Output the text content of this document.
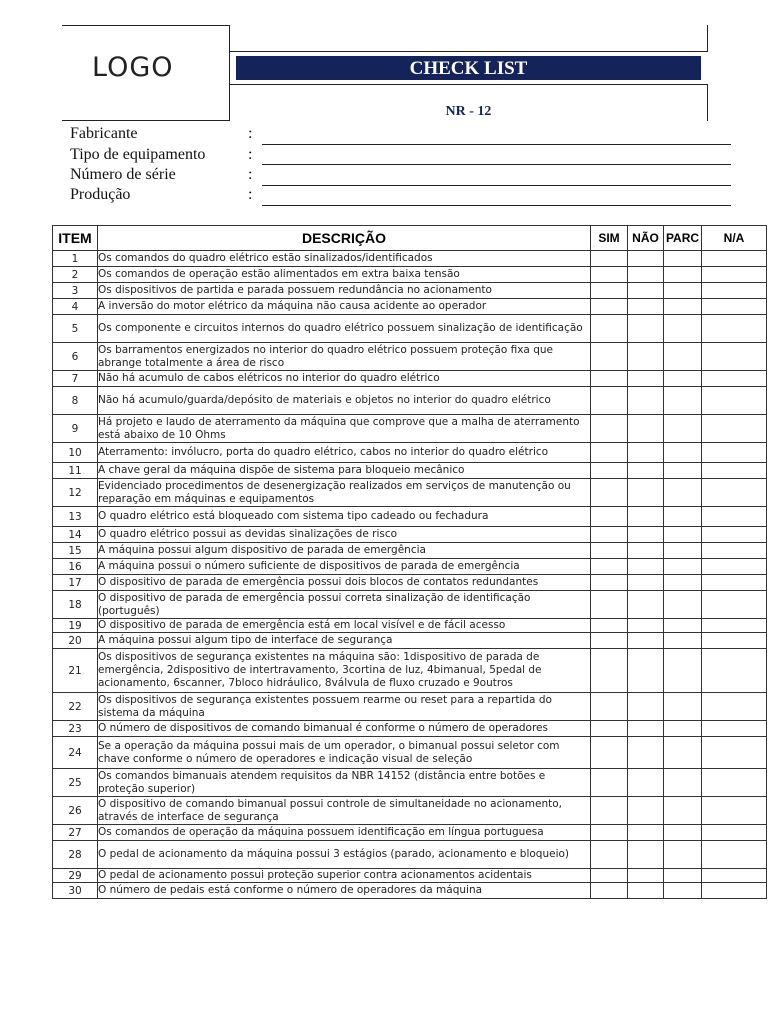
LOGO	CHECK LIST
NR - 12
Fabricante	:
Tipo de equipamento	:
Número de série	:
Produção	:
ITEM	DESCRIÇÃO	SIM	NÃO	PARC	N/A
1	Os comandos do quadro elétrico estão sinalizados/identificados				
2	Os comandos de operação estão alimentados em extra baixa tensão				
3	Os dispositivos de partida e parada possuem redundância no acionamento				
4	A inversão do motor elétrico da máquina não causa acidente ao operador				
5	Os componente e circuitos internos do quadro elétrico possuem sinalização de identificação				
6	Os barramentos energizados no interior do quadro elétrico possuem proteção fixa que abrange totalmente a área de risco				
7	Não há acumulo de cabos elétricos no interior do quadro elétrico				
8	Não há acumulo/guarda/depósito de materiais e objetos no interior do quadro elétrico				
9	Há projeto e laudo de aterramento da máquina que comprove que a malha de aterramento está abaixo de 10 Ohms				
10	Aterramento: invólucro, porta do quadro elétrico, cabos no interior do quadro elétrico				
11	A chave geral da máquina dispõe de sistema para bloqueio mecânico				
12	Evidenciado procedimentos de desenergização realizados em serviços de manutenção ou reparação em máquinas e equipamentos				
13	O quadro elétrico está bloqueado com sistema tipo cadeado ou fechadura				
14	O quadro elétrico possui as devidas sinalizações de risco				
15	A máquina possui algum dispositivo de parada de emergência				
16	A máquina possui o número suficiente de dispositivos de parada de emergência				
17	O dispositivo de parada de emergência possui dois blocos de contatos redundantes				
18	O dispositivo de parada de emergência possui correta sinalização de identificação (português)				
19	O dispositivo de parada de emergência está em local visível e de fácil acesso				
20	A máquina possui algum tipo de interface de segurança				
21	Os dispositivos de segurança existentes na máquina são: 1dispositivo de parada de emergência, 2dispositivo de intertravamento, 3cortina de luz, 4bimanual, 5pedal de acionamento, 6scanner, 7bloco hidráulico, 8válvula de fluxo cruzado e 9outros				
22	Os dispositivos de segurança existentes possuem rearme ou reset para a repartida do sistema da máquina				
23	O número de dispositivos de comando bimanual é conforme o número de operadores				
24	Se a operação da máquina possui mais de um operador, o bimanual possui seletor com chave conforme o número de operadores e indicação visual de seleção				
25	Os comandos bimanuais atendem requisitos da NBR 14152 (distância entre botões e proteção superior)				
26	O dispositivo de comando bimanual possui controle de simultaneidade no acionamento, através de interface de segurança				
27	Os comandos de operação da máquina possuem identificação em língua portuguesa				
28	O pedal de acionamento da máquina possui 3 estágios (parado, acionamento e bloqueio)				
29	O pedal de acionamento possui proteção superior contra acionamentos acidentais				
30	O número de pedais está conforme o número de operadores da máquina				
